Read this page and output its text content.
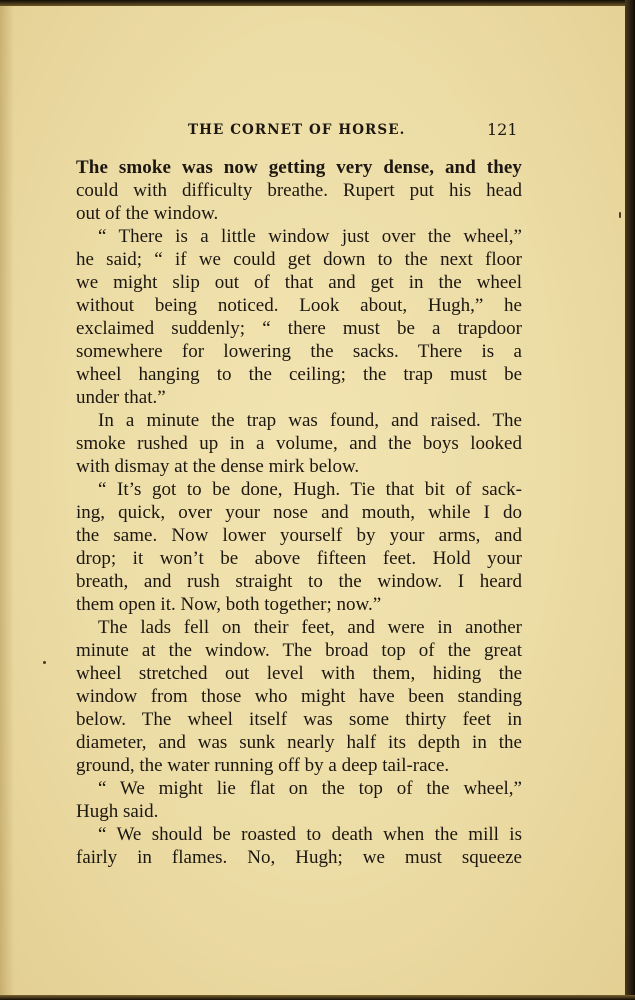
THE CORNET OF HORSE.	121
The smoke was now getting very dense, and they
could with difficulty breathe. Rupert put his head
out of the window.
“ There is a little window just over the wheel,”
he said; “ if we could get down to the next floor
we might slip out of that and get in the wheel
without being noticed. Look about, Hugh,” he
exclaimed suddenly; “ there must be a trapdoor
somewhere for lowering the sacks. There is a
wheel hanging to the ceiling; the trap must be
under that.”
In a minute the trap was found, and raised. The
smoke rushed up in a volume, and the boys looked
with dismay at the dense mirk below.
“ It’s got to be done, Hugh. Tie that bit of sack-
ing, quick, over your nose and mouth, while I do
the same. Now lower yourself by your arms, and
drop; it won’t be above fifteen feet. Hold your
breath, and rush straight to the window. I heard
them open it. Now, both together; now.”
The lads fell on their feet, and were in another
minute at the window. The broad top of the great
wheel stretched out level with them, hiding the
window from those who might have been standing
below. The wheel itself was some thirty feet in
diameter, and was sunk nearly half its depth in the
ground, the water running off by a deep tail-race.
“ We might lie flat on the top of the wheel,”
Hugh said.
“ We should be roasted to death when the mill is
fairly in flames. No, Hugh; we must squeeze
